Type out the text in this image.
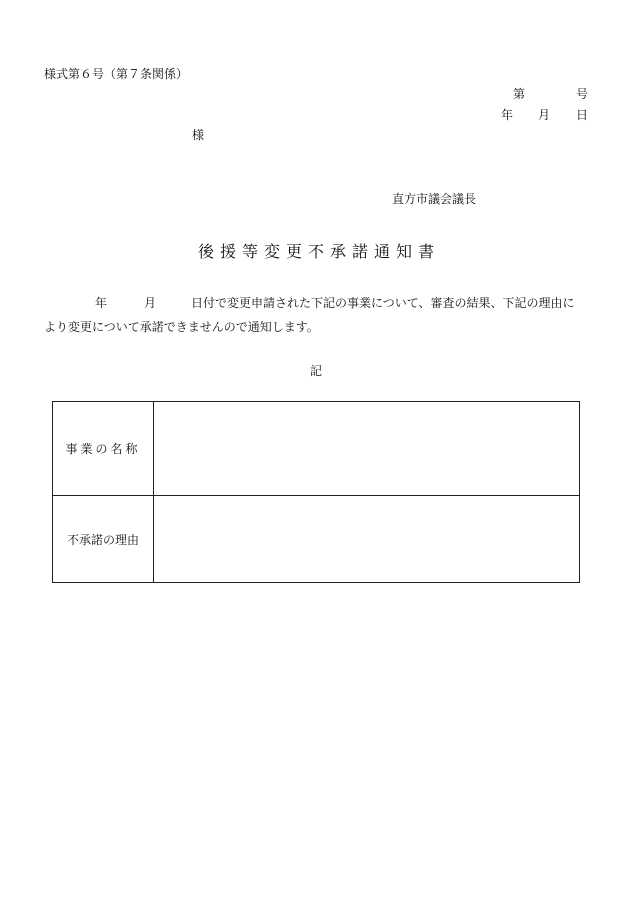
様式第６号（第７条関係）
第	号
年 月 日
様
直方市議会議長
後援等変更不承諾通知書
年	月	日付で変更申請された下記の事業について、審査の結果、下記の理由に
より変更について承諾できませんので通知します。
記
事業の名称	
不承諾の理由	
